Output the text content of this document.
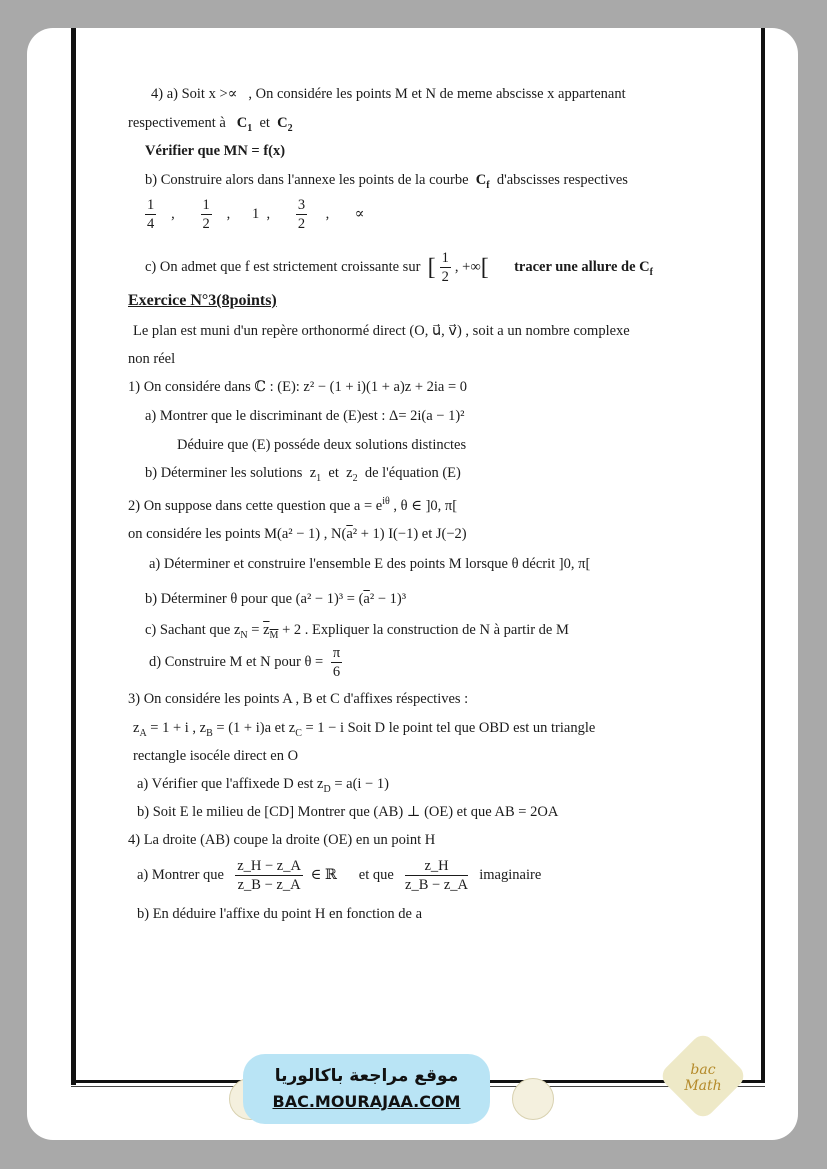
4) a) Soit x >∝ , On considére les points M et N de meme abscisse x appartenant
respectivement à $C_1$ et $C_2$
Vérifier que MN = f(x)
b) Construire alors dans l'annexe les points de la courbe $C_f$ d'abscisses respectives
$\frac{1}{4}$ , $\frac{1}{2}$ , 1 , $\frac{3}{2}$ , ∝
c) On admet que f est strictement croissante sur [ $\frac{1}{2}$ , +∞[ tracer une allure de $C_f$
Exercice N°3(8points)
Le plan est muni d'un repère orthonormé direct (O, u⃗, v⃗) , soit a un nombre complexe
non réel
1) On considére dans ℂ : (E): z² − (1 + i)(1 + a)z + 2ia = 0
a) Montrer que le discriminant de (E)est : Δ= 2i(a − 1)²
Déduire que (E) posséde deux solutions distinctes
b) Déterminer les solutions $z_1$ et $z_2$ de l'équation (E)
2) On suppose dans cette question que $a = e^{i\theta}$ , θ ∈ ]0, π[
on considére les points M(a² − 1) , $N(\overline{a}^2 + 1)$ I(−1) et J(−2)
a) Déterminer et construire l'ensemble E des points M lorsque θ décrit ]0, π[
b) Déterminer θ pour que $(a^2 - 1)^3 = (\overline{a}^2 - 1)^3$
c) Sachant que $z_N = z_M + 2$ . Expliquer la construction de N à partir de M
d) Construire M et N pour $\theta = \frac{\pi}{6}$
3) On considére les points A , B et C d'affixes réspectives :
$z_A = 1 + i$ , $z_B = (1 + i)a$ et $z_C = 1 - i$ Soit D le point tel que OBD est un triangle
rectangle isocéle direct en O
a) Vérifier que l'affixede D est $z_D = a(i - 1)$
b) Soit E le milieu de [CD] Montrer que (AB) ⊥ (OE) et que AB = 2OA
4) La droite (AB) coupe la droite (OE) en un point H
a) Montrer que $\frac{z\_H - z\_A}{z\_B - z\_A}$ ∈ ℝ et que $\frac{z\_H}{z\_B - z\_A}$ imaginaire
b) En déduire l'affixe du point H en fonction de a
موقع مراجعة باكالوريا
BAC.MOURAJAA.COM
bac Math
